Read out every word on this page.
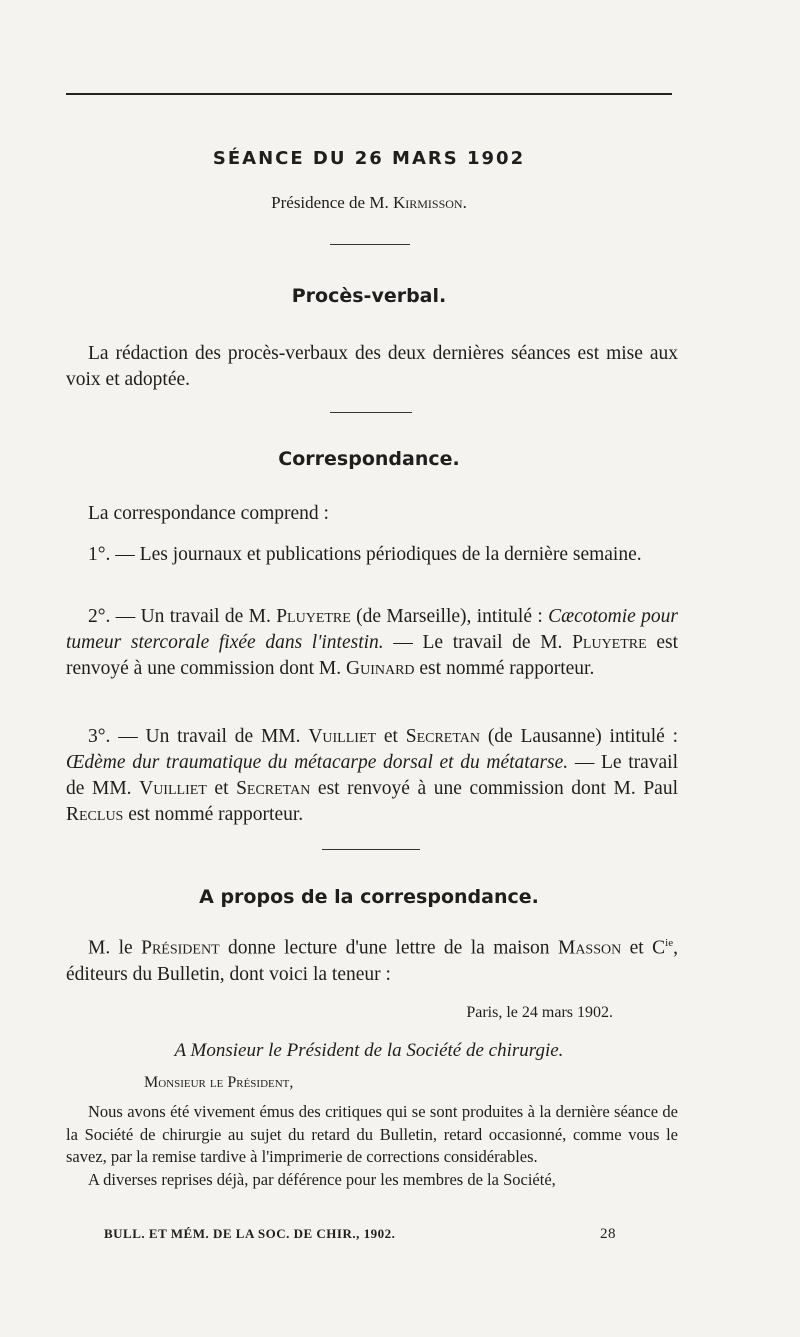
SÉANCE DU 26 MARS 1902
Présidence de M. Kirmisson.
Procès-verbal.

La rédaction des procès-verbaux des deux dernières séances est mise aux voix et adoptée.

Correspondance.

La correspondance comprend :

1°. — Les journaux et publications périodiques de la dernière semaine.

2°. — Un travail de M. Pluyetre (de Marseille), intitulé : Cæcotomie pour tumeur stercorale fixée dans l'intestin. — Le travail de M. Pluyetre est renvoyé à une commission dont M. Guinard est nommé rapporteur.

3°. — Un travail de MM. Vuilliet et Secretan (de Lausanne) intitulé : Œdème dur traumatique du métacarpe dorsal et du métatarse. — Le travail de MM. Vuilliet et Secretan est renvoyé à une commission dont M. Paul Reclus est nommé rapporteur.

A propos de la correspondance.

M. le Président donne lecture d'une lettre de la maison Masson et $C^{ie}$, éditeurs du Bulletin, dont voici la teneur :

Paris, le 24 mars 1902.
A Monsieur le Président de la Société de chirurgie.

Monsieur le Président,

Nous avons été vivement émus des critiques qui se sont produites à la dernière séance de la Société de chirurgie au sujet du retard du Bulletin, retard occasionné, comme vous le savez, par la remise tardive à l'imprimerie de corrections considérables.

A diverses reprises déjà, par déférence pour les membres de la Société,

BULL. ET MÉM. DE LA SOC. DE CHIR., 1902.	28
